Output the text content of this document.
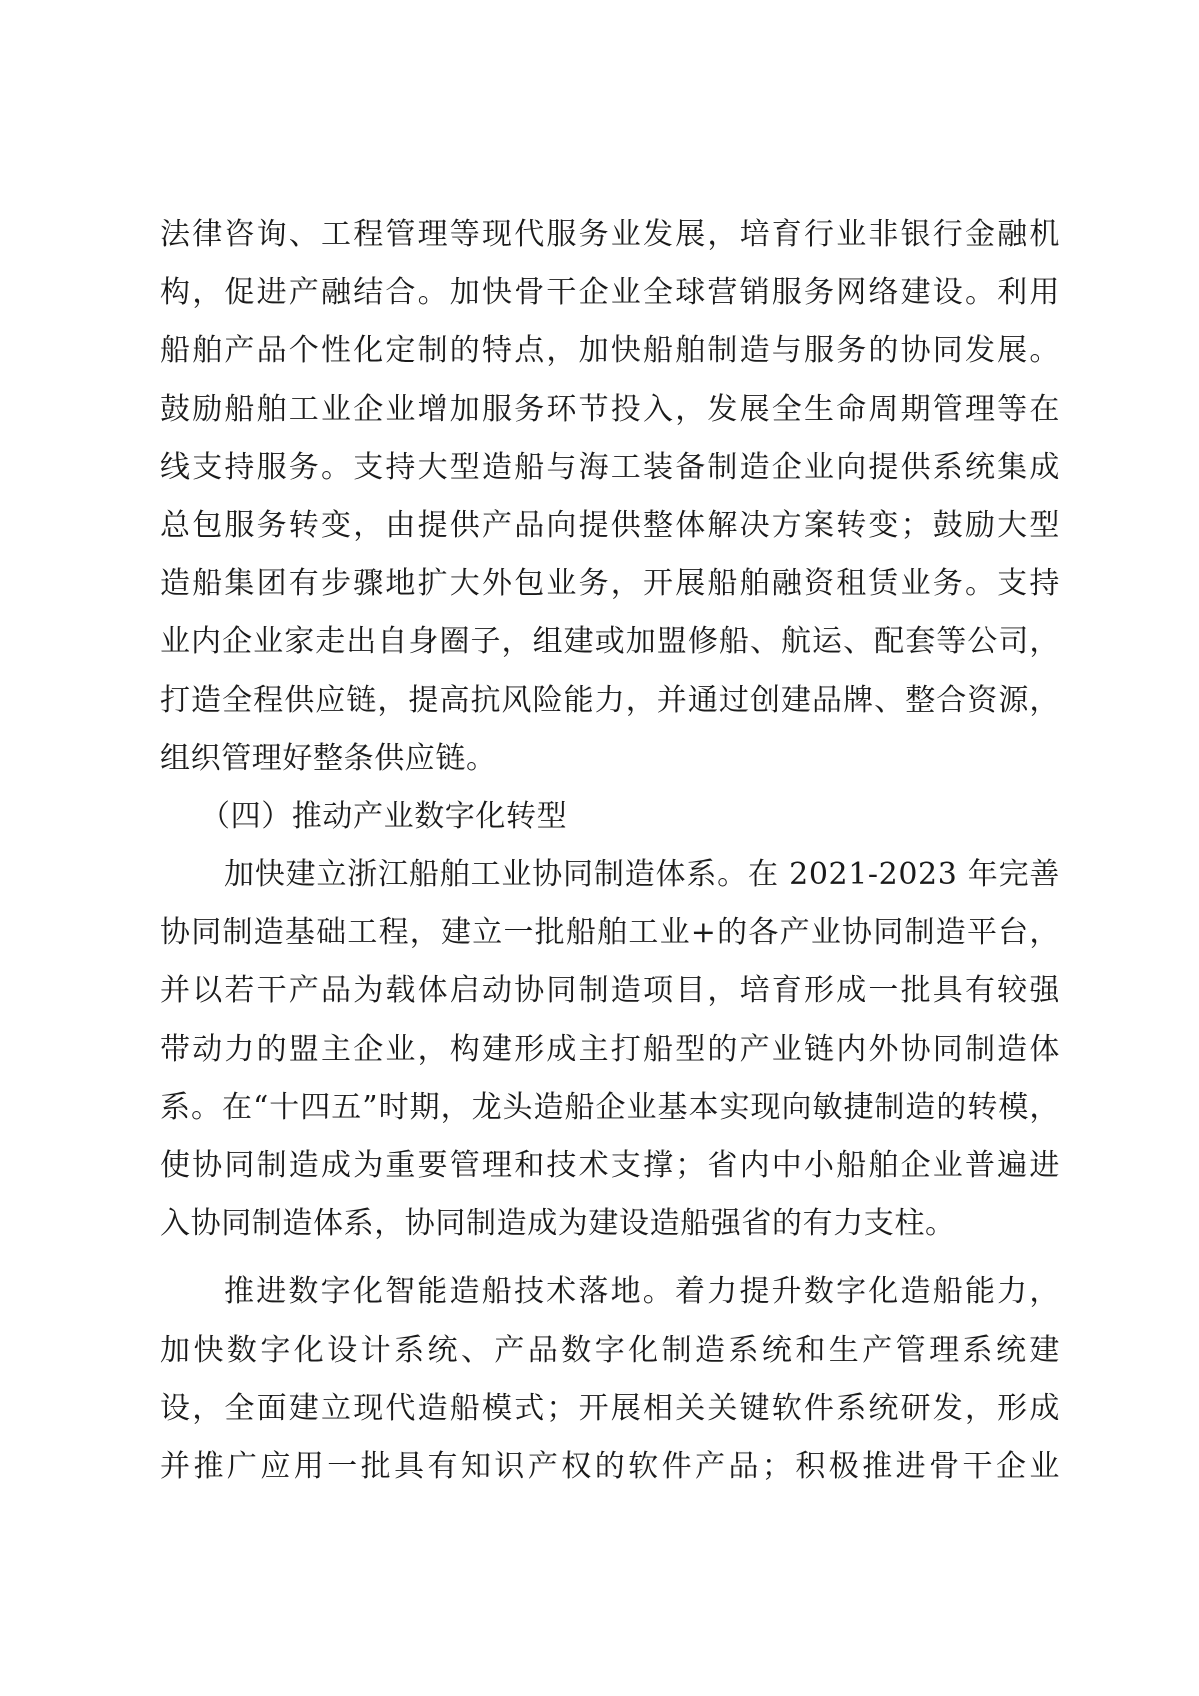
法律咨询、工程管理等现代服务业发展，培育行业非银行金融机
构，促进产融结合。加快骨干企业全球营销服务网络建设。利用
船舶产品个性化定制的特点，加快船舶制造与服务的协同发展。
鼓励船舶工业企业增加服务环节投入，发展全生命周期管理等在
线支持服务。支持大型造船与海工装备制造企业向提供系统集成
总包服务转变，由提供产品向提供整体解决方案转变；鼓励大型
造船集团有步骤地扩大外包业务，开展船舶融资租赁业务。支持
业内企业家走出自身圈子，组建或加盟修船、航运、配套等公司，
打造全程供应链，提高抗风险能力，并通过创建品牌、整合资源，
组织管理好整条供应链。
（四）推动产业数字化转型
加快建立浙江船舶工业协同制造体系。在 2021-2023 年完善
协同制造基础工程，建立一批船舶工业+的各产业协同制造平台，
并以若干产品为载体启动协同制造项目，培育形成一批具有较强
带动力的盟主企业，构建形成主打船型的产业链内外协同制造体
系。在“十四五”时期，龙头造船企业基本实现向敏捷制造的转模，
使协同制造成为重要管理和技术支撑；省内中小船舶企业普遍进
入协同制造体系，协同制造成为建设造船强省的有力支柱。
推进数字化智能造船技术落地。着力提升数字化造船能力，
加快数字化设计系统、产品数字化制造系统和生产管理系统建
设，全面建立现代造船模式；开展相关关键软件系统研发，形成
并推广应用一批具有知识产权的软件产品；积极推进骨干企业
